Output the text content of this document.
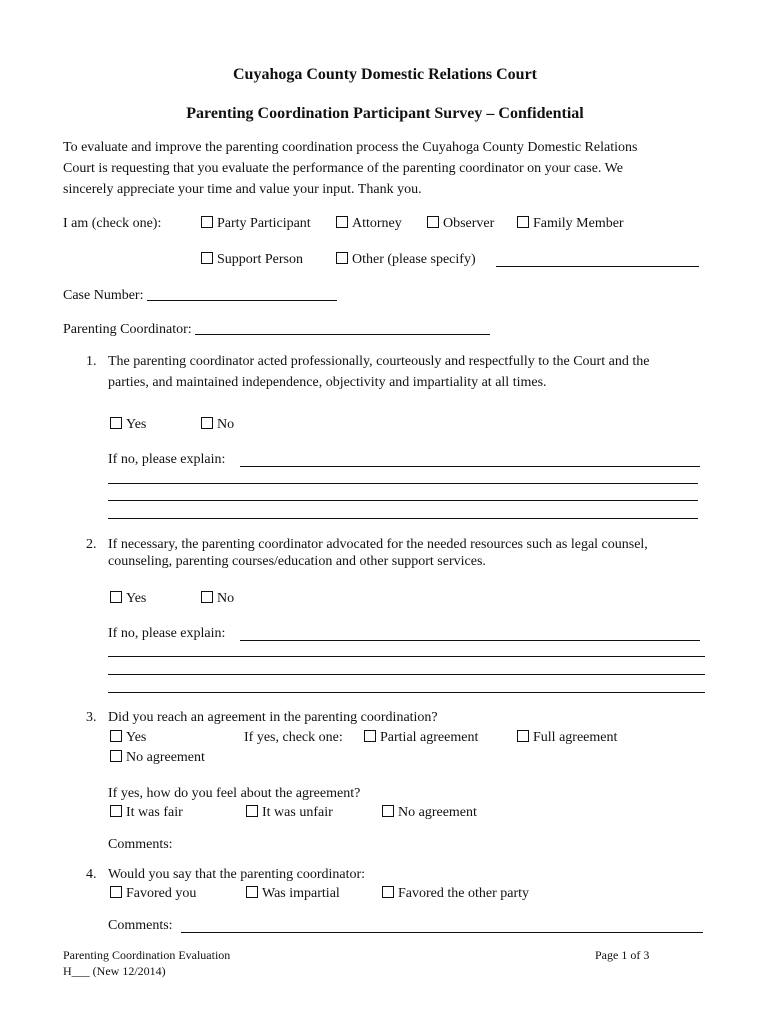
Cuyahoga County Domestic Relations Court
Parenting Coordination Participant Survey – Confidential
To evaluate and improve the parenting coordination process the Cuyahoga County Domestic Relations
Court is requesting that you evaluate the performance of the parenting coordinator on your case. We
sincerely appreciate your time and value your input. Thank you.
I am (check one):	Party Participant	Attorney	Observer	Family Member
Support Person	Other (please specify)
Case Number:
Parenting Coordinator:
1. The parenting coordinator acted professionally, courteously and respectfully to the Court and the
parties, and maintained independence, objectivity and impartiality at all times.
Yes	No
If no, please explain:
2. If necessary, the parenting coordinator advocated for the needed resources such as legal counsel,
counseling, parenting courses/education and other support services.
Yes	No
If no, please explain:
3. Did you reach an agreement in the parenting coordination?
Yes	If yes, check one:	Partial agreement	Full agreement
No agreement
If yes, how do you feel about the agreement?
It was fair	It was unfair	No agreement
Comments:
4. Would you say that the parenting coordinator:
Favored you	Was impartial	Favored the other party
Comments:
Parenting Coordination Evaluation
H___ (New 12/2014)
Page 1 of 3
